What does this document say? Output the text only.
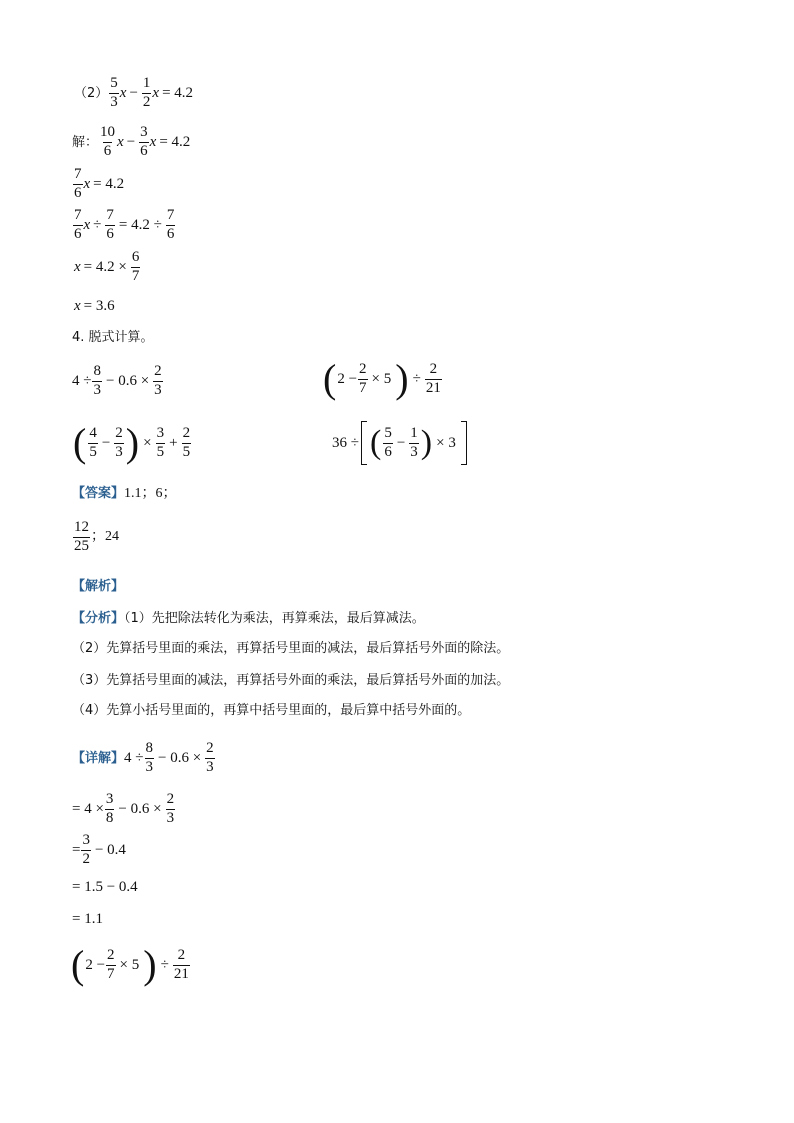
（2）
5
3
$x - \frac{1}{2}$ x = 4.2
解：
10
6
$x - \frac{3}{6}$ x = 4.2
7
6
x = 4.2
7
6
$x \div \frac{7}{6} = 4.2 \div \frac{7}{6}$
$x = 4.2 \times \frac{6}{7}$
x = 3.6
4. 脱式计算。
$4 \div \frac{8}{3} - 0.6 \times \frac{2}{3}$	( $2 - \frac{2}{7} \times 5$ ) ÷ $\frac{2}{21}$
( 4
5
− $\frac{2}{3}$ ) × $\frac{3}{5} + \frac{2}{5}$	36 ÷ ( 5
6
− $\frac{1}{3}$ ) × 3
【答案】1.1；6；
12
25
；24
【解析】
【分析】（1）先把除法转化为乘法，再算乘法，最后算减法。
（2）先算括号里面的乘法，再算括号里面的减法，最后算括号外面的除法。
（3）先算括号里面的减法，再算括号外面的乘法，最后算括号外面的加法。
（4）先算小括号里面的，再算中括号里面的，最后算中括号外面的。
【详解】 $4 \div \frac{8}{3} - 0.6 \times \frac{2}{3}$
= $4 \times \frac{3}{8} - 0.6 \times \frac{2}{3}$
= $\frac{3}{2} - 0.4$
= 1.5 − 0.4
= 1.1
( $2 - \frac{2}{7} \times 5$ ) ÷ $\frac{2}{21}$
